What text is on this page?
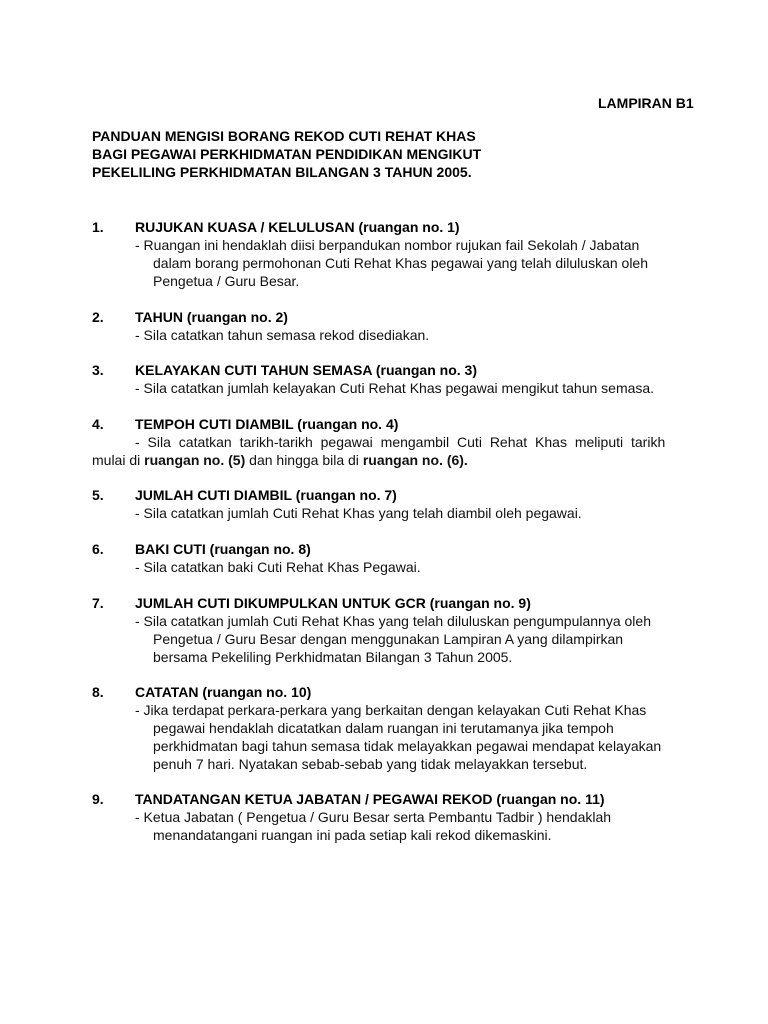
LAMPIRAN B1
PANDUAN MENGISI BORANG REKOD CUTI REHAT KHAS
BAGI PEGAWAI PERKHIDMATAN PENDIDIKAN MENGIKUT
PEKELILING PERKHIDMATAN BILANGAN 3 TAHUN 2005.
1.	RUJUKAN KUASA / KELULUSAN (ruangan no. 1)
- Ruangan ini hendaklah diisi berpandukan nombor rujukan fail Sekolah / Jabatan
dalam borang permohonan Cuti Rehat Khas pegawai yang telah diluluskan oleh
Pengetua / Guru Besar.
2.	TAHUN (ruangan no. 2)
- Sila catatkan tahun semasa rekod disediakan.
3.	KELAYAKAN CUTI TAHUN SEMASA (ruangan no. 3)
- Sila catatkan jumlah kelayakan Cuti Rehat Khas pegawai mengikut tahun semasa.
4.	TEMPOH CUTI DIAMBIL (ruangan no. 4)
- Sila catatkan tarikh-tarikh pegawai mengambil Cuti Rehat Khas meliputi tarikh
mulai di ruangan no. (5) dan hingga bila di ruangan no. (6).
5.	JUMLAH CUTI DIAMBIL (ruangan no. 7)
- Sila catatkan jumlah Cuti Rehat Khas yang telah diambil oleh pegawai.
6.	BAKI CUTI (ruangan no. 8)
- Sila catatkan baki Cuti Rehat Khas Pegawai.
7.	JUMLAH CUTI DIKUMPULKAN UNTUK GCR (ruangan no. 9)
- Sila catatkan jumlah Cuti Rehat Khas yang telah diluluskan pengumpulannya oleh
Pengetua / Guru Besar dengan menggunakan Lampiran A yang dilampirkan
bersama Pekeliling Perkhidmatan Bilangan 3 Tahun 2005.
8.	CATATAN (ruangan no. 10)
- Jika terdapat perkara-perkara yang berkaitan dengan kelayakan Cuti Rehat Khas
pegawai hendaklah dicatatkan dalam ruangan ini terutamanya jika tempoh
perkhidmatan bagi tahun semasa tidak melayakkan pegawai mendapat kelayakan
penuh 7 hari. Nyatakan sebab-sebab yang tidak melayakkan tersebut.
9.	TANDATANGAN KETUA JABATAN / PEGAWAI REKOD (ruangan no. 11)
- Ketua Jabatan ( Pengetua / Guru Besar serta Pembantu Tadbir ) hendaklah
menandatangani ruangan ini pada setiap kali rekod dikemaskini.
